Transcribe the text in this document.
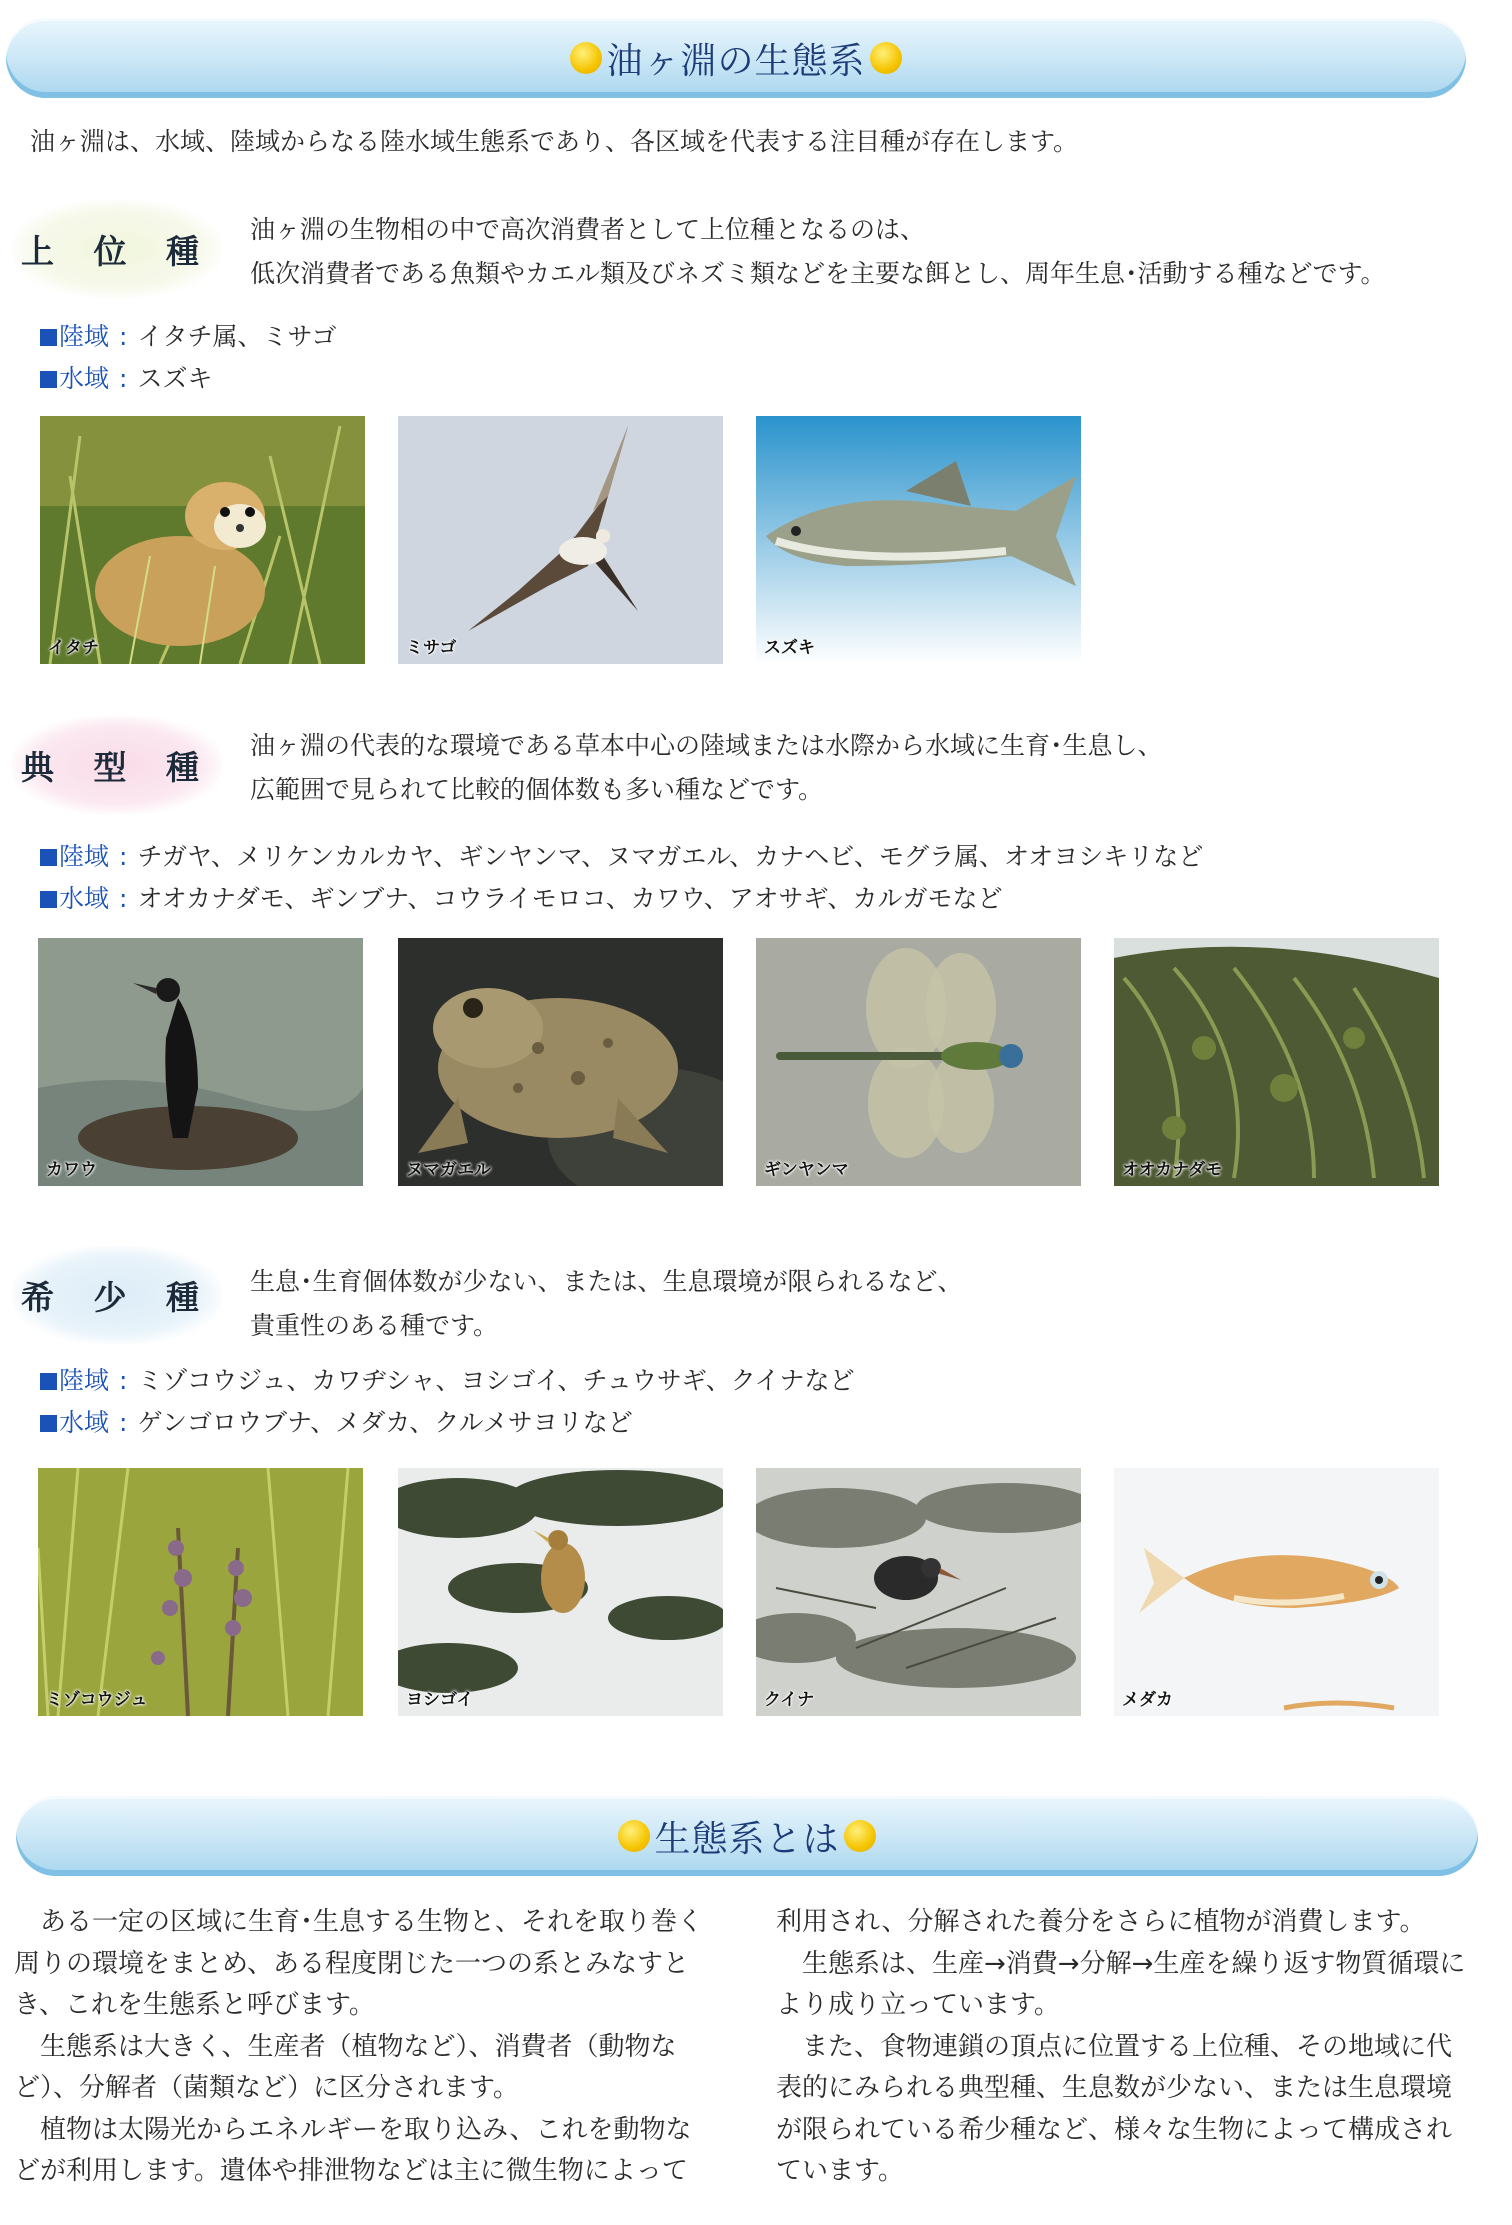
油ヶ淵の生態系
油ヶ淵は、水域、陸域からなる陸水域生態系であり、各区域を代表する注目種が存在します。
上 位 種
油ヶ淵の生物相の中で高次消費者として上位種となるのは、
低次消費者である魚類やカエル類及びネズミ類などを主要な餌とし、周年生息･活動する種などです。
陸域 : イタチ属、ミサゴ
水域 : スズキ
イタチ	ミサゴ	スズキ
典 型 種
油ヶ淵の代表的な環境である草本中心の陸域または水際から水域に生育･生息し、
広範囲で見られて比較的個体数も多い種などです。
陸域 : チガヤ、メリケンカルカヤ、ギンヤンマ、ヌマガエル、カナヘビ、モグラ属、オオヨシキリなど
水域 : オオカナダモ、ギンブナ、コウライモロコ、カワウ、アオサギ、カルガモなど
カワウ	ヌマガエル	ギンヤンマ	オオカナダモ
希 少 種	生息･生育個体数が少ない、または、生息環境が限られるなど、
貴重性のある種です。
陸域 : ミゾコウジュ、カワヂシャ、ヨシゴイ、チュウサギ、クイナなど
水域 : ゲンゴロウブナ、メダカ、クルメサヨリなど
ミゾコウジュ	ヨシゴイ	クイナ	メダカ
生態系とは

ある一定の区域に生育･生息する生物と、それを取り巻く周りの環境をまとめ、ある程度閉じた一つの系とみなすとき、これを生態系と呼びます。

生態系は大きく、生産者（植物など）、消費者（動物など）、分解者（菌類など）に区分されます。

植物は太陽光からエネルギーを取り込み、これを動物などが利用します。遺体や排泄物などは主に微生物によって

利用され、分解された養分をさらに植物が消費します。

生態系は、生産→消費→分解→生産を繰り返す物質循環により成り立っています。

また、食物連鎖の頂点に位置する上位種、その地域に代表的にみられる典型種、生息数が少ない、または生息環境が限られている希少種など、様々な生物によって構成されています。
